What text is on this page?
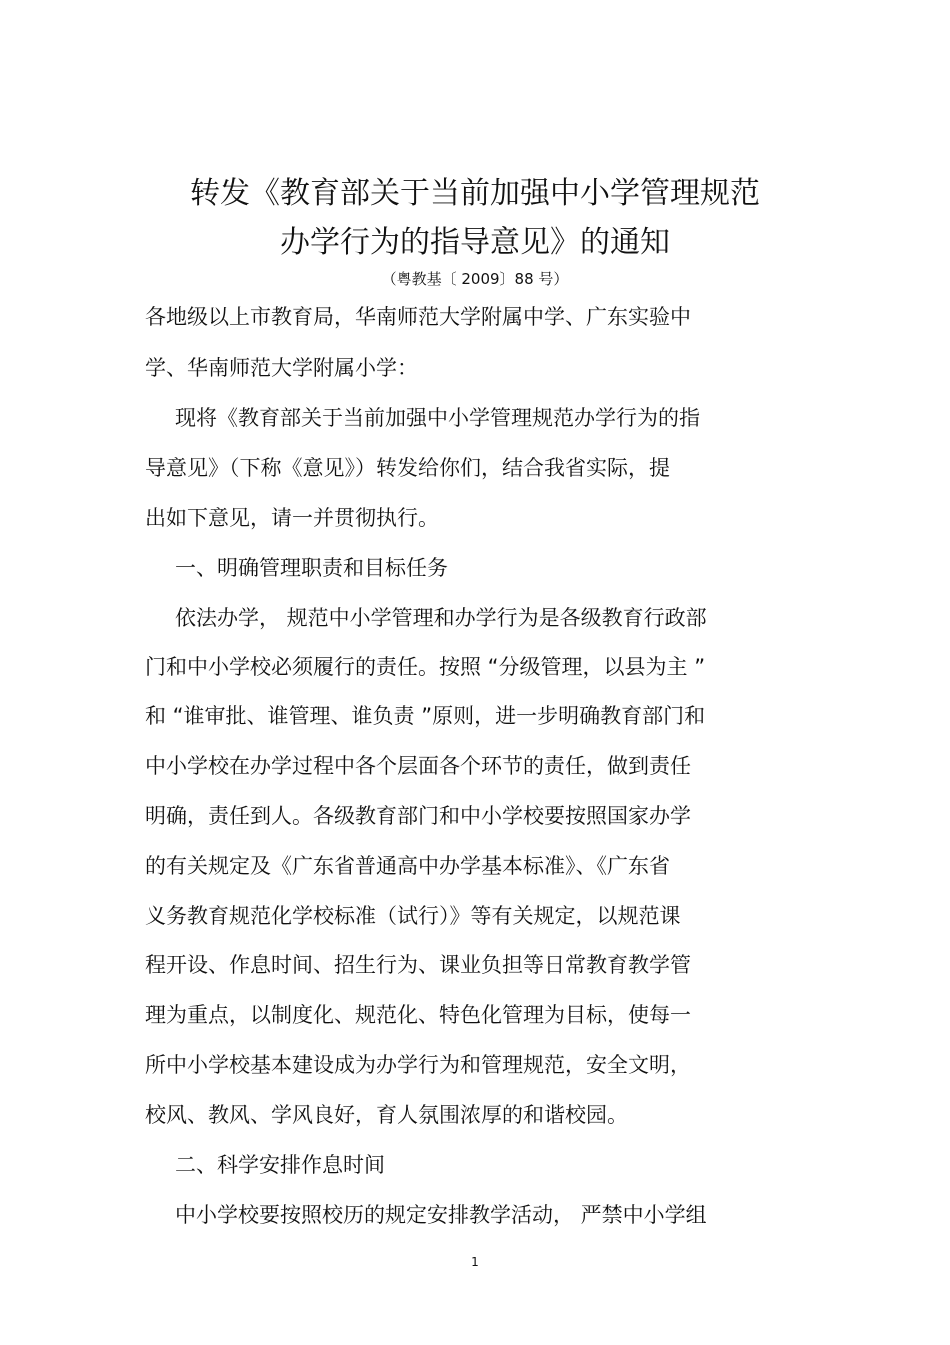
转发《教育部关于当前加强中小学管理规范
办学行为的指导意见》的通知
（粤教基〔 2009〕88 号）
各地级以上市教育局，华南师范大学附属中学、广东实验中
学、华南师范大学附属小学：
现将《教育部关于当前加强中小学管理规范办学行为的指
导意见》（下称《意见》）转发给你们，结合我省实际，提
出如下意见，请一并贯彻执行。
一、明确管理职责和目标任务
依法办学， 规范中小学管理和办学行为是各级教育行政部
门和中小学校必须履行的责任。按照 “分级管理，以县为主 ”
和 “谁审批、谁管理、谁负责 ”原则，进一步明确教育部门和
中小学校在办学过程中各个层面各个环节的责任，做到责任
明确，责任到人。各级教育部门和中小学校要按照国家办学
的有关规定及《广东省普通高中办学基本标准》、《广东省
义务教育规范化学校标准（试行）》等有关规定，以规范课
程开设、作息时间、招生行为、课业负担等日常教育教学管
理为重点，以制度化、规范化、特色化管理为目标，使每一
所中小学校基本建设成为办学行为和管理规范，安全文明，
校风、教风、学风良好，育人氛围浓厚的和谐校园。
二、科学安排作息时间
中小学校要按照校历的规定安排教学活动， 严禁中小学组
1
